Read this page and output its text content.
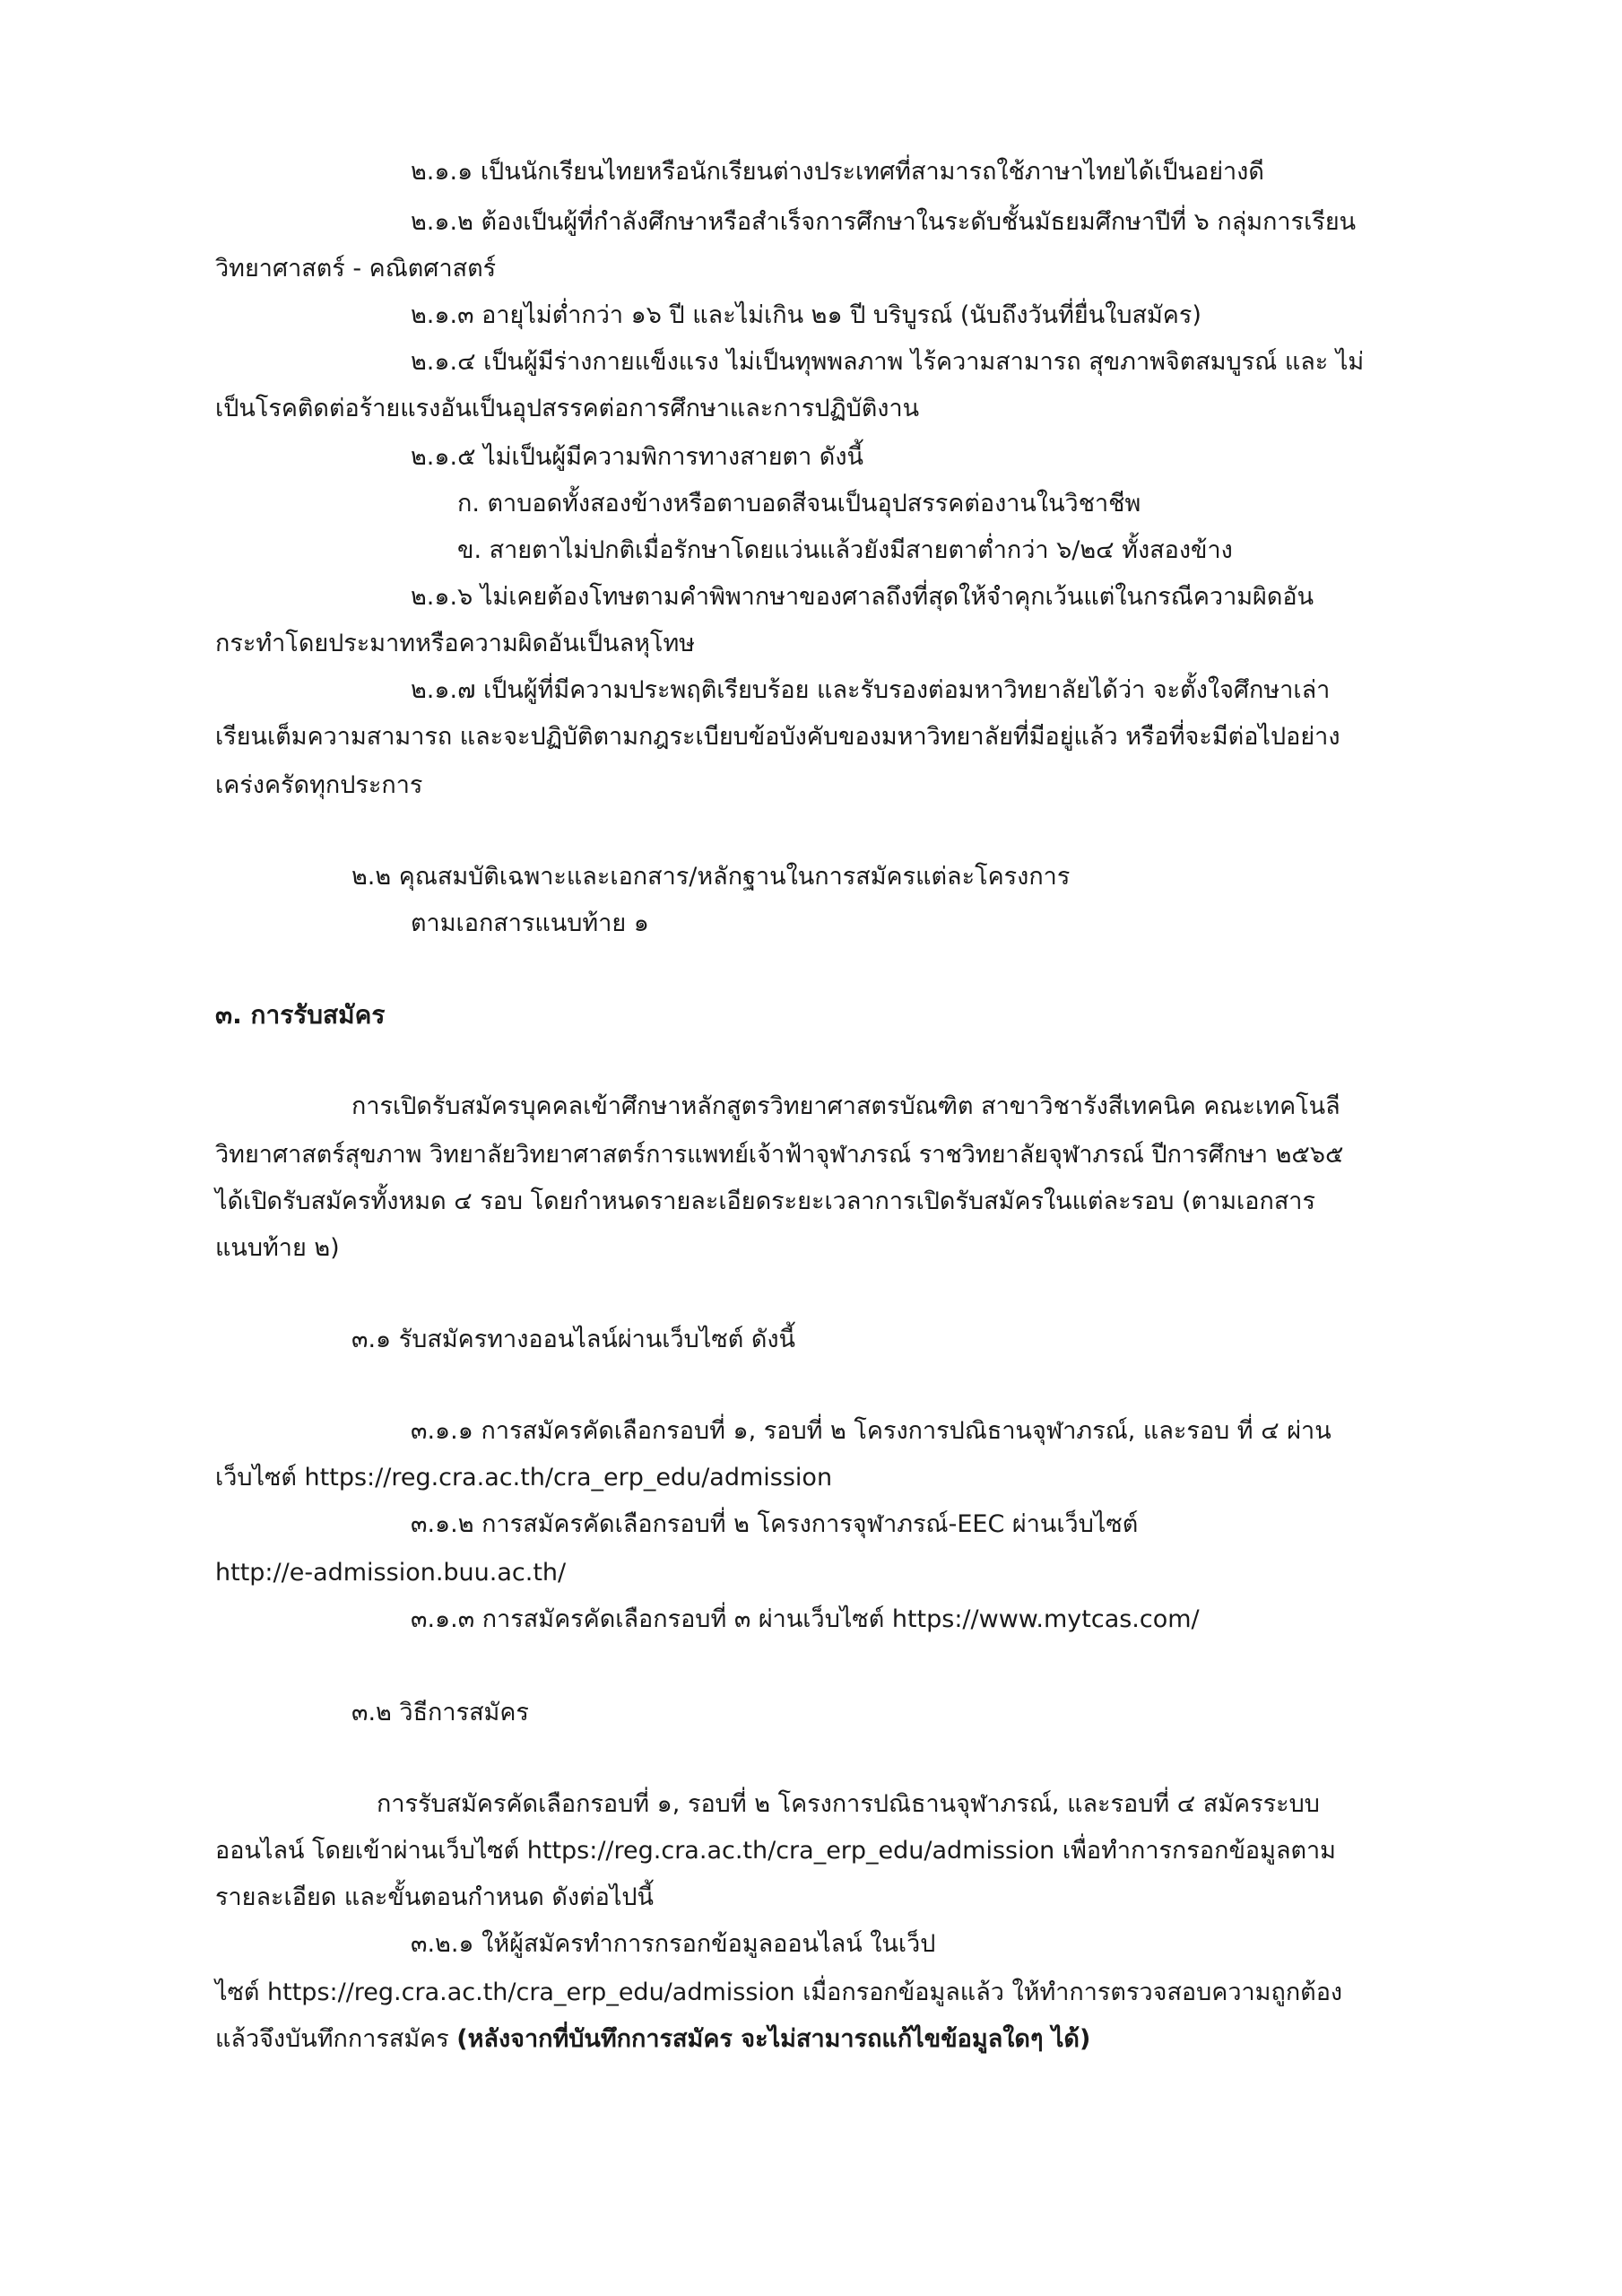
๒.๑.๑ เป็นนักเรียนไทยหรือนักเรียนต่างประเทศที่สามารถใช้ภาษาไทยได้เป็นอย่างดี
๒.๑.๒ ต้องเป็นผู้ที่กำลังศึกษาหรือสำเร็จการศึกษาในระดับชั้นมัธยมศึกษาปีที่ ๖ กลุ่มการเรียน
วิทยาศาสตร์ - คณิตศาสตร์
๒.๑.๓ อายุไม่ต่ำกว่า ๑๖ ปี และไม่เกิน ๒๑ ปี บริบูรณ์ (นับถึงวันที่ยื่นใบสมัคร)
๒.๑.๔ เป็นผู้มีร่างกายแข็งแรง ไม่เป็นทุพพลภาพ ไร้ความสามารถ สุขภาพจิตสมบูรณ์ และ ไม่
เป็นโรคติดต่อร้ายแรงอันเป็นอุปสรรคต่อการศึกษาและการปฏิบัติงาน
๒.๑.๕ ไม่เป็นผู้มีความพิการทางสายตา ดังนี้
ก. ตาบอดทั้งสองข้างหรือตาบอดสีจนเป็นอุปสรรคต่องานในวิชาชีพ
ข. สายตาไม่ปกติเมื่อรักษาโดยแว่นแล้วยังมีสายตาต่ำกว่า ๖/๒๔ ทั้งสองข้าง
๒.๑.๖ ไม่เคยต้องโทษตามคำพิพากษาของศาลถึงที่สุดให้จำคุกเว้นแต่ในกรณีความผิดอัน
กระทำโดยประมาทหรือความผิดอันเป็นลหุโทษ
๒.๑.๗ เป็นผู้ที่มีความประพฤติเรียบร้อย และรับรองต่อมหาวิทยาลัยได้ว่า จะตั้งใจศึกษาเล่า
เรียนเต็มความสามารถ และจะปฏิบัติตามกฎระเบียบข้อบังคับของมหาวิทยาลัยที่มีอยู่แล้ว หรือที่จะมีต่อไปอย่าง
เคร่งครัดทุกประการ
๒.๒ คุณสมบัติเฉพาะและเอกสาร/หลักฐานในการสมัครแต่ละโครงการ
ตามเอกสารแนบท้าย ๑
๓. การรับสมัคร
การเปิดรับสมัครบุคคลเข้าศึกษาหลักสูตรวิทยาศาสตรบัณฑิต สาขาวิชารังสีเทคนิค คณะเทคโนลี
วิทยาศาสตร์สุขภาพ วิทยาลัยวิทยาศาสตร์การแพทย์เจ้าฟ้าจุฬาภรณ์ ราชวิทยาลัยจุฬาภรณ์ ปีการศึกษา ๒๕๖๕
ได้เปิดรับสมัครทั้งหมด ๔ รอบ โดยกำหนดรายละเอียดระยะเวลาการเปิดรับสมัครในแต่ละรอบ (ตามเอกสาร
แนบท้าย ๒)
๓.๑ รับสมัครทางออนไลน์ผ่านเว็บไซต์ ดังนี้
๓.๑.๑ การสมัครคัดเลือกรอบที่ ๑, รอบที่ ๒ โครงการปณิธานจุฬาภรณ์, และรอบ ที่ ๔ ผ่าน
เว็บไซต์ https://reg.cra.ac.th/cra_erp_edu/admission
๓.๑.๒ การสมัครคัดเลือกรอบที่ ๒ โครงการจุฬาภรณ์-EEC ผ่านเว็บไซต์
http://e-admission.buu.ac.th/
๓.๑.๓ การสมัครคัดเลือกรอบที่ ๓ ผ่านเว็บไซต์ https://www.mytcas.com/
๓.๒ วิธีการสมัคร
การรับสมัครคัดเลือกรอบที่ ๑, รอบที่ ๒ โครงการปณิธานจุฬาภรณ์, และรอบที่ ๔ สมัครระบบ
ออนไลน์ โดยเข้าผ่านเว็บไซต์ https://reg.cra.ac.th/cra_erp_edu/admission เพื่อทำการกรอกข้อมูลตาม
รายละเอียด และขั้นตอนกำหนด ดังต่อไปนี้
๓.๒.๑ ให้ผู้สมัครทำการกรอกข้อมูลออนไลน์ ในเว็ป
ไซต์ https://reg.cra.ac.th/cra_erp_edu/admission เมื่อกรอกข้อมูลแล้ว ให้ทำการตรวจสอบความถูกต้อง
แล้วจึงบันทึกการสมัคร (หลังจากที่บันทึกการสมัคร จะไม่สามารถแก้ไขข้อมูลใดๆ ได้)
